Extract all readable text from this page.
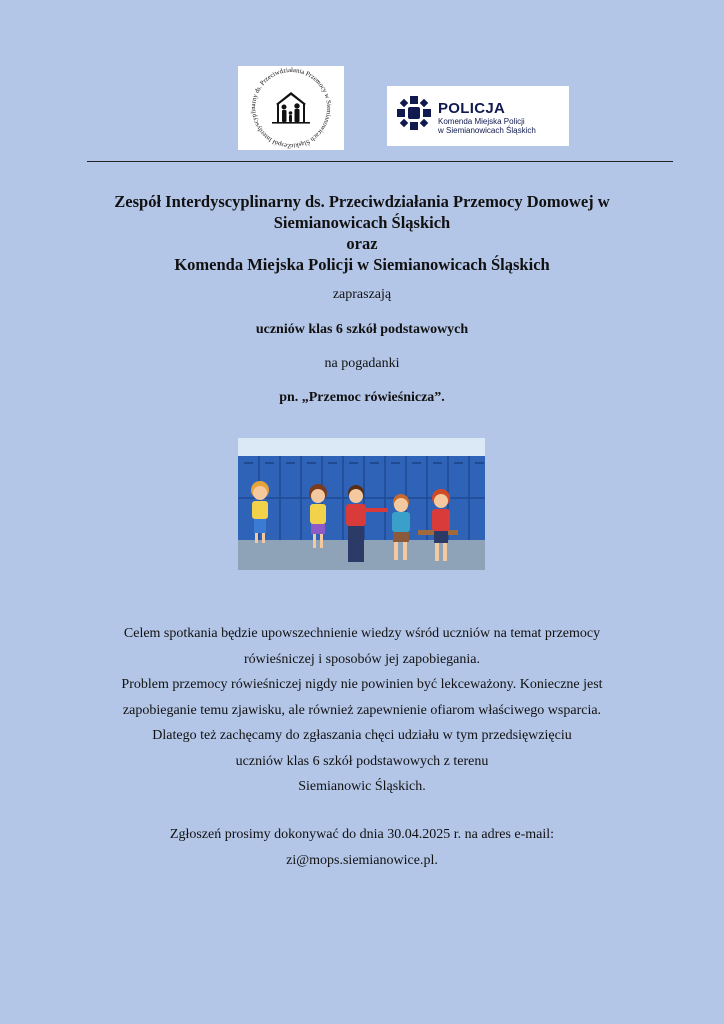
Zespół Interdyscyplinarny ds. Przeciwdziałania Przemocy w Siemianowicach Śląskic
POLICJA
Komenda Miejska Policji
w Siemianowicach Śląskich
Zespół Interdyscyplinarny ds. Przeciwdziałania Przemocy Domowej w
Siemianowicach Śląskich
oraz
Komenda Miejska Policji w Siemianowicach Śląskich
zapraszają
uczniów klas 6 szkół podstawowych
na pogadanki
pn. „Przemoc rówieśnicza”.
Celem spotkania będzie upowszechnienie wiedzy wśród uczniów na temat przemocy
rówieśniczej i sposobów jej zapobiegania.
Problem przemocy rówieśniczej nigdy nie powinien być lekceważony. Konieczne jest
zapobieganie temu zjawisku, ale również zapewnienie ofiarom właściwego wsparcia.
Dlatego też zachęcamy do zgłaszania chęci udziału w tym przedsięwzięciu
uczniów klas 6 szkół podstawowych z terenu
Siemianowic Śląskich.
Zgłoszeń prosimy dokonywać do dnia 30.04.2025 r. na adres e-mail:
zi@mops.siemianowice.pl.
